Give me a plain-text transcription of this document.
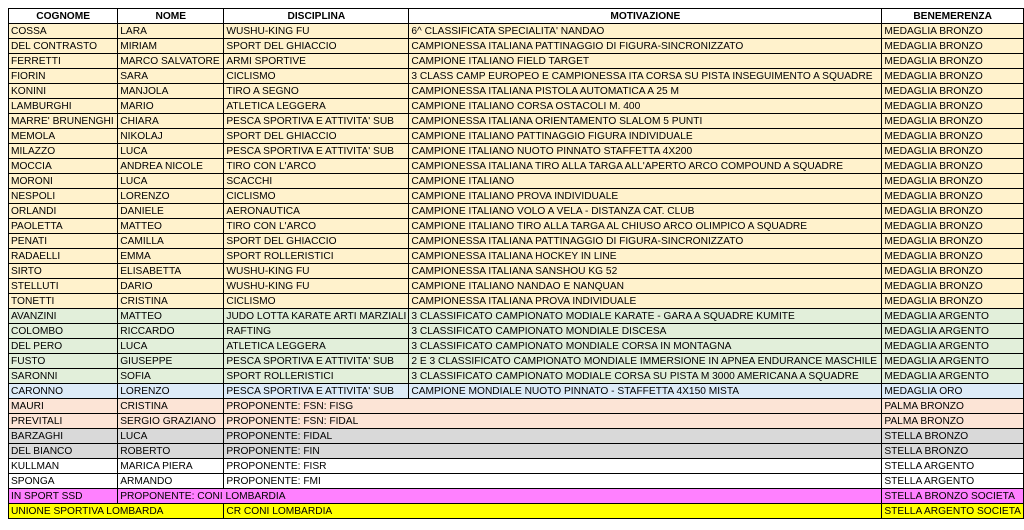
COGNOME	NOME	DISCIPLINA	MOTIVAZIONE	BENEMERENZA
COSSA	LARA	WUSHU-KING FU	6^ CLASSIFICATA SPECIALITA' NANDAO	MEDAGLIA BRONZO
DEL CONTRASTO	MIRIAM	SPORT DEL GHIACCIO	CAMPIONESSA ITALIANA PATTINAGGIO DI FIGURA-SINCRONIZZATO	MEDAGLIA BRONZO
FERRETTI	MARCO SALVATORE	ARMI SPORTIVE	CAMPIONE ITALIANO FIELD TARGET	MEDAGLIA BRONZO
FIORIN	SARA	CICLISMO	3 CLASS CAMP EUROPEO E CAMPIONESSA ITA CORSA SU PISTA INSEGUIMENTO A SQUADRE	MEDAGLIA BRONZO
KONINI	MANJOLA	TIRO A SEGNO	CAMPIONESSA ITALIANA PISTOLA AUTOMATICA A 25 M	MEDAGLIA BRONZO
LAMBURGHI	MARIO	ATLETICA LEGGERA	CAMPIONE ITALIANO CORSA OSTACOLI M. 400	MEDAGLIA BRONZO
MARRE' BRUNENGHI	CHIARA	PESCA SPORTIVA E ATTIVITA' SUB	CAMPIONESSA ITALIANA ORIENTAMENTO SLALOM 5 PUNTI	MEDAGLIA BRONZO
MEMOLA	NIKOLAJ	SPORT DEL GHIACCIO	CAMPIONE ITALIANO PATTINAGGIO FIGURA INDIVIDUALE	MEDAGLIA BRONZO
MILAZZO	LUCA	PESCA SPORTIVA E ATTIVITA' SUB	CAMPIONE ITALIANO NUOTO PINNATO STAFFETTA 4X200	MEDAGLIA BRONZO
MOCCIA	ANDREA NICOLE	TIRO CON L'ARCO	CAMPIONESSA ITALIANA TIRO ALLA TARGA ALL'APERTO ARCO COMPOUND A SQUADRE	MEDAGLIA BRONZO
MORONI	LUCA	SCACCHI	CAMPIONE ITALIANO	MEDAGLIA BRONZO
NESPOLI	LORENZO	CICLISMO	CAMPIONE ITALIANO PROVA INDIVIDUALE	MEDAGLIA BRONZO
ORLANDI	DANIELE	AERONAUTICA	CAMPIONE ITALIANO VOLO A VELA - DISTANZA CAT. CLUB	MEDAGLIA BRONZO
PAOLETTA	MATTEO	TIRO CON L'ARCO	CAMPIONE ITALIANO TIRO ALLA TARGA AL CHIUSO ARCO OLIMPICO A SQUADRE	MEDAGLIA BRONZO
PENATI	CAMILLA	SPORT DEL GHIACCIO	CAMPIONESSA ITALIANA PATTINAGGIO DI FIGURA-SINCRONIZZATO	MEDAGLIA BRONZO
RADAELLI	EMMA	SPORT ROLLERISTICI	CAMPIONESSA ITALIANA HOCKEY IN LINE	MEDAGLIA BRONZO
SIRTO	ELISABETTA	WUSHU-KING FU	CAMPIONESSA ITALIANA SANSHOU KG 52	MEDAGLIA BRONZO
STELLUTI	DARIO	WUSHU-KING FU	CAMPIONE ITALIANO NANDAO E NANQUAN	MEDAGLIA BRONZO
TONETTI	CRISTINA	CICLISMO	CAMPIONESSA ITALIANA PROVA INDIVIDUALE	MEDAGLIA BRONZO
AVANZINI	MATTEO	JUDO LOTTA KARATE ARTI MARZIALI	3 CLASSIFICATO CAMPIONATO MODIALE KARATE - GARA A SQUADRE KUMITE	MEDAGLIA ARGENTO
COLOMBO	RICCARDO	RAFTING	3 CLASSIFICATO CAMPIONATO MONDIALE DISCESA	MEDAGLIA ARGENTO
DEL PERO	LUCA	ATLETICA LEGGERA	3 CLASSIFICATO CAMPIONATO MONDIALE CORSA IN MONTAGNA	MEDAGLIA ARGENTO
FUSTO	GIUSEPPE	PESCA SPORTIVA E ATTIVITA' SUB	2 E 3 CLASSIFICATO CAMPIONATO MONDIALE IMMERSIONE IN APNEA ENDURANCE MASCHILE	MEDAGLIA ARGENTO
SARONNI	SOFIA	SPORT ROLLERISTICI	3 CLASSIFICATO CAMPIONATO MODIALE CORSA SU PISTA M 3000 AMERICANA A SQUADRE	MEDAGLIA ARGENTO
CARONNO	LORENZO	PESCA SPORTIVA E ATTIVITA' SUB	CAMPIONE MONDIALE NUOTO PINNATO - STAFFETTA 4X150 MISTA	MEDAGLIA ORO
MAURI	CRISTINA	PROPONENTE: FSN: FISG		PALMA BRONZO
PREVITALI	SERGIO GRAZIANO	PROPONENTE: FSN: FIDAL		PALMA BRONZO
BARZAGHI	LUCA	PROPONENTE: FIDAL		STELLA BRONZO
DEL BIANCO	ROBERTO	PROPONENTE: FIN		STELLA BRONZO
KULLMAN	MARICA PIERA	PROPONENTE: FISR		STELLA ARGENTO
SPONGA	ARMANDO	PROPONENTE: FMI		STELLA ARGENTO
IN SPORT SSD	PROPONENTE: CONI LOMBARDIA			STELLA BRONZO SOCIETA
UNIONE SPORTIVA LOMBARDA		CR CONI LOMBARDIA		STELLA ARGENTO SOCIETA
